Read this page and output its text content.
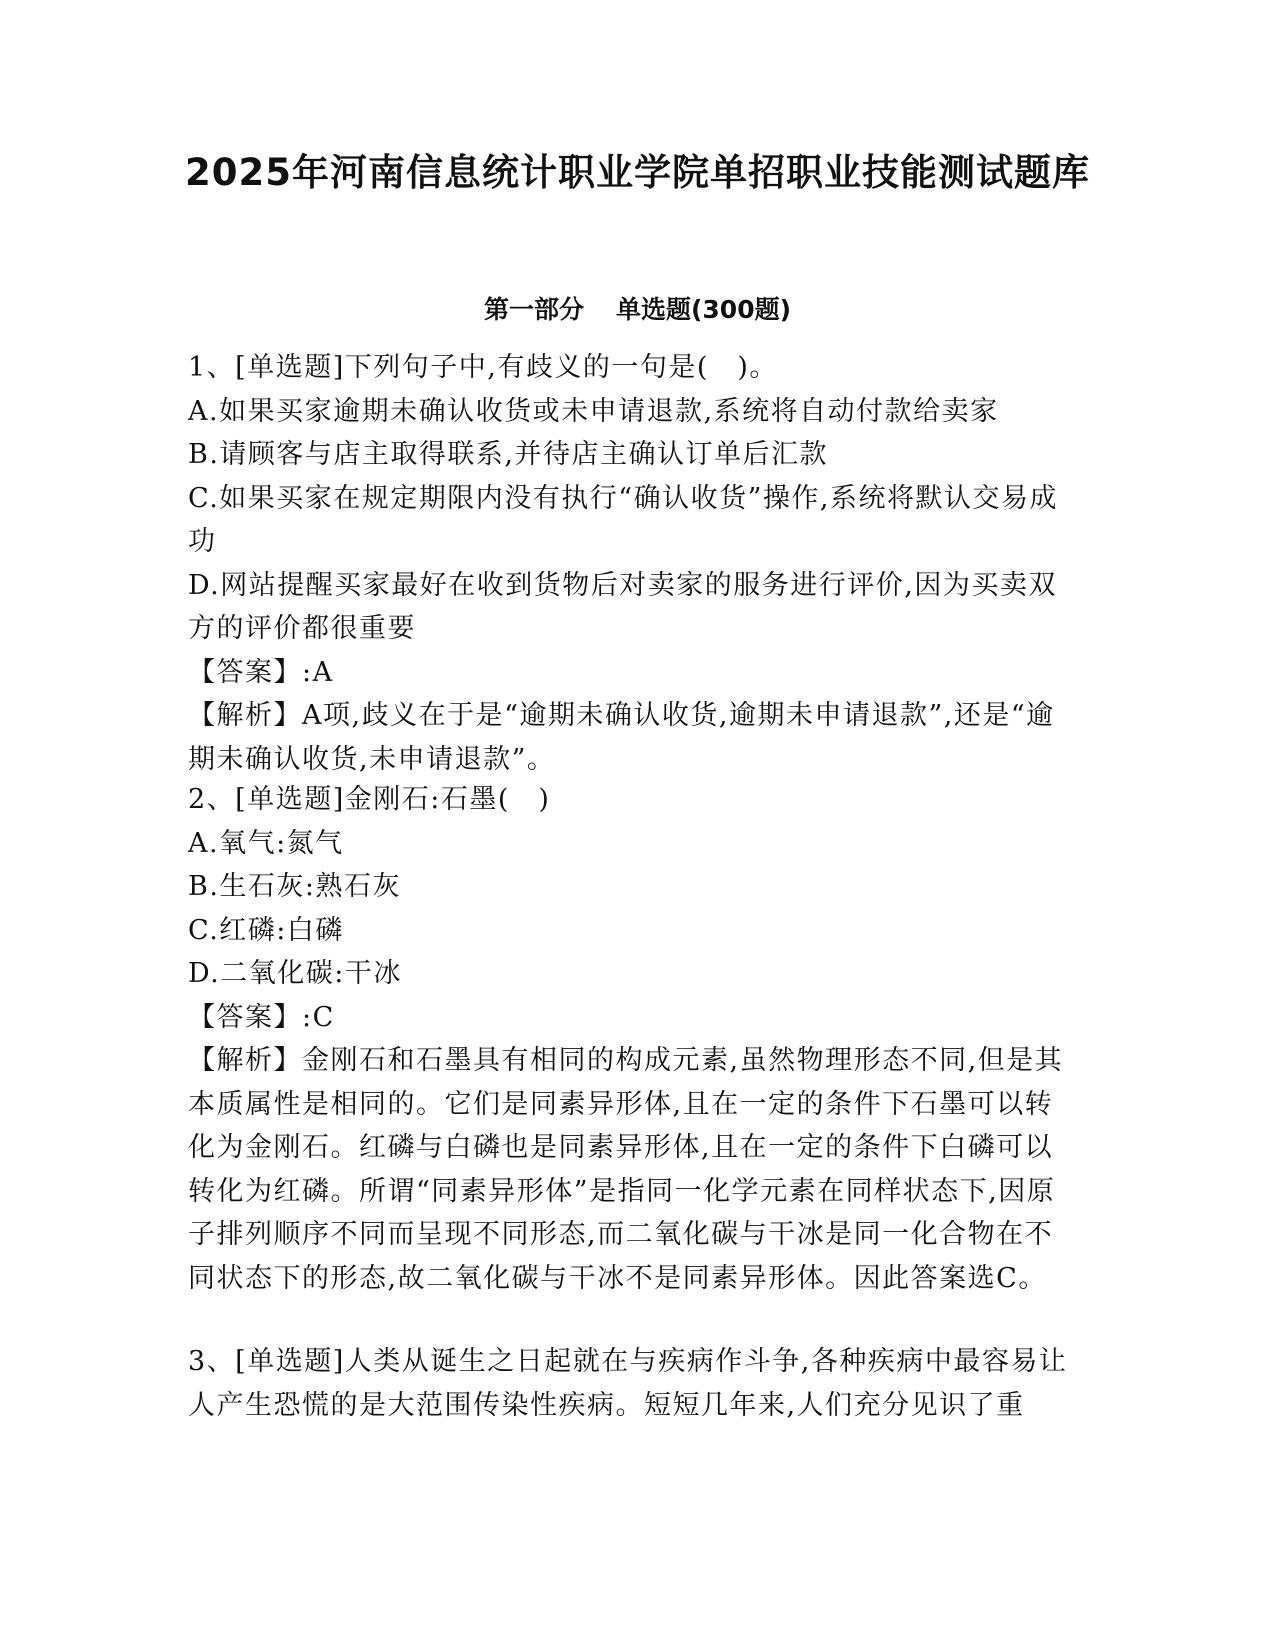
2025年河南信息统计职业学院单招职业技能测试题库
第一部分 单选题(300题)
1、[单选题]下列句子中,有歧义的一句是(　)。
A.如果买家逾期未确认收货或未申请退款,系统将自动付款给卖家
B.请顾客与店主取得联系,并待店主确认订单后汇款
C.如果买家在规定期限内没有执行“确认收货”操作,系统将默认交易成功
D.网站提醒买家最好在收到货物后对卖家的服务进行评价,因为买卖双方的评价都很重要
【答案】:A
【解析】A项,歧义在于是“逾期未确认收货,逾期未申请退款”,还是“逾期未确认收货,未申请退款”。
2、[单选题]金刚石:石墨(　)
A.氧气:氮气
B.生石灰:熟石灰
C.红磷:白磷
D.二氧化碳:干冰
【答案】:C
【解析】金刚石和石墨具有相同的构成元素,虽然物理形态不同,但是其本质属性是相同的。它们是同素异形体,且在一定的条件下石墨可以转化为金刚石。红磷与白磷也是同素异形体,且在一定的条件下白磷可以转化为红磷。所谓“同素异形体”是指同一化学元素在同样状态下,因原子排列顺序不同而呈现不同形态,而二氧化碳与干冰是同一化合物在不同状态下的形态,故二氧化碳与干冰不是同素异形体。因此答案选C。
3、[单选题]人类从诞生之日起就在与疾病作斗争,各种疾病中最容易让人产生恐慌的是大范围传染性疾病。短短几年来,人们充分见识了重
